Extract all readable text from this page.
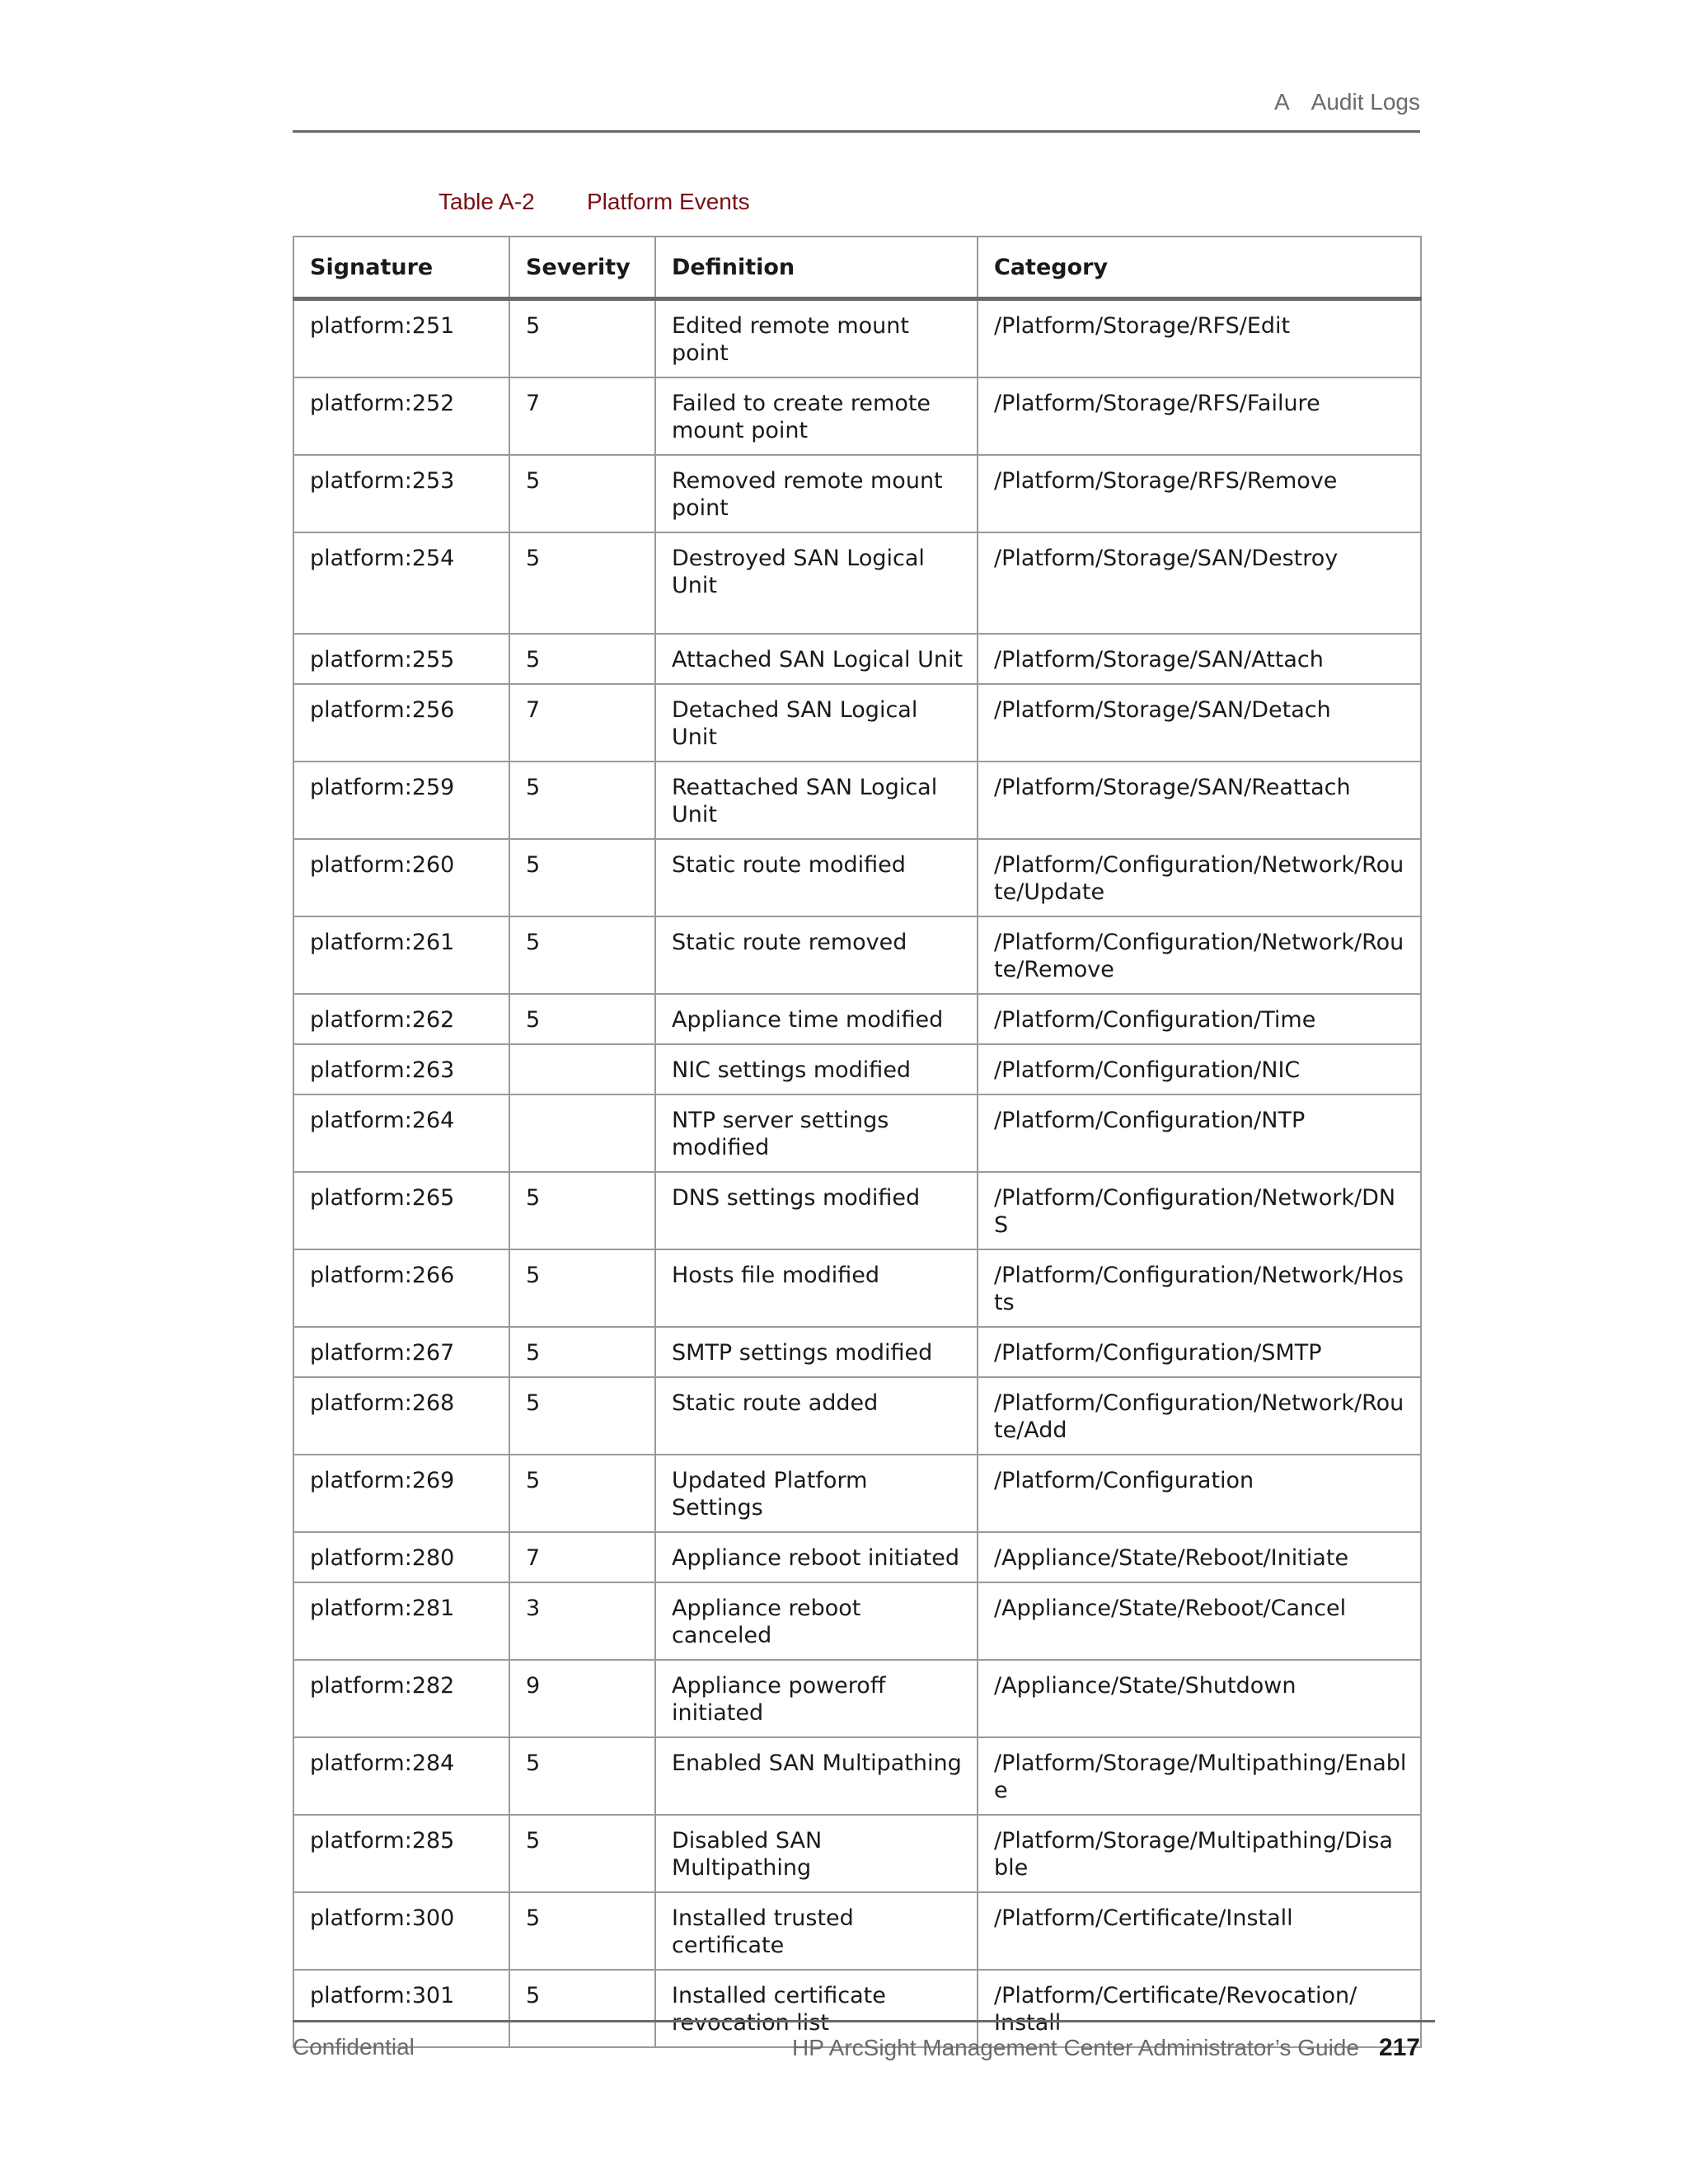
A Audit Logs
Table A-2 Platform Events
Signature	Severity	Definition	Category
platform:251	5	Edited remote mount point	/Platform/Storage/RFS/Edit
platform:252	7	Failed to create remote mount point	/Platform/Storage/RFS/Failure
platform:253	5	Removed remote mount point	/Platform/Storage/RFS/Remove
platform:254	5	Destroyed SAN Logical Unit	/Platform/Storage/SAN/Destroy
platform:255	5	Attached SAN Logical Unit	/Platform/Storage/SAN/Attach
platform:256	7	Detached SAN Logical Unit	/Platform/Storage/SAN/Detach
platform:259	5	Reattached SAN Logical Unit	/Platform/Storage/SAN/Reattach
platform:260	5	Static route modified	/Platform/Configuration/Network/Route/Update
platform:261	5	Static route removed	/Platform/Configuration/Network/Route/Remove
platform:262	5	Appliance time modified	/Platform/Configuration/Time
platform:263		NIC settings modified	/Platform/Configuration/NIC
platform:264		NTP server settings modified	/Platform/Configuration/NTP
platform:265	5	DNS settings modified	/Platform/Configuration/Network/DNS
platform:266	5	Hosts file modified	/Platform/Configuration/Network/Hosts
platform:267	5	SMTP settings modified	/Platform/Configuration/SMTP
platform:268	5	Static route added	/Platform/Configuration/Network/Route/Add
platform:269	5	Updated Platform Settings	/Platform/Configuration
platform:280	7	Appliance reboot initiated	/Appliance/State/Reboot/Initiate
platform:281	3	Appliance reboot canceled	/Appliance/State/Reboot/Cancel
platform:282	9	Appliance poweroff initiated	/Appliance/State/Shutdown
platform:284	5	Enabled SAN Multipathing	/Platform/Storage/Multipathing/Enable
platform:285	5	Disabled SAN Multipathing	/Platform/Storage/Multipathing/Disable
platform:300	5	Installed trusted certificate	/Platform/Certificate/Install
platform:301	5	Installed certificate revocation list	/Platform/Certificate/Revocation/ Install
Confidential	HP ArcSight Management Center Administrator’s Guide 217
